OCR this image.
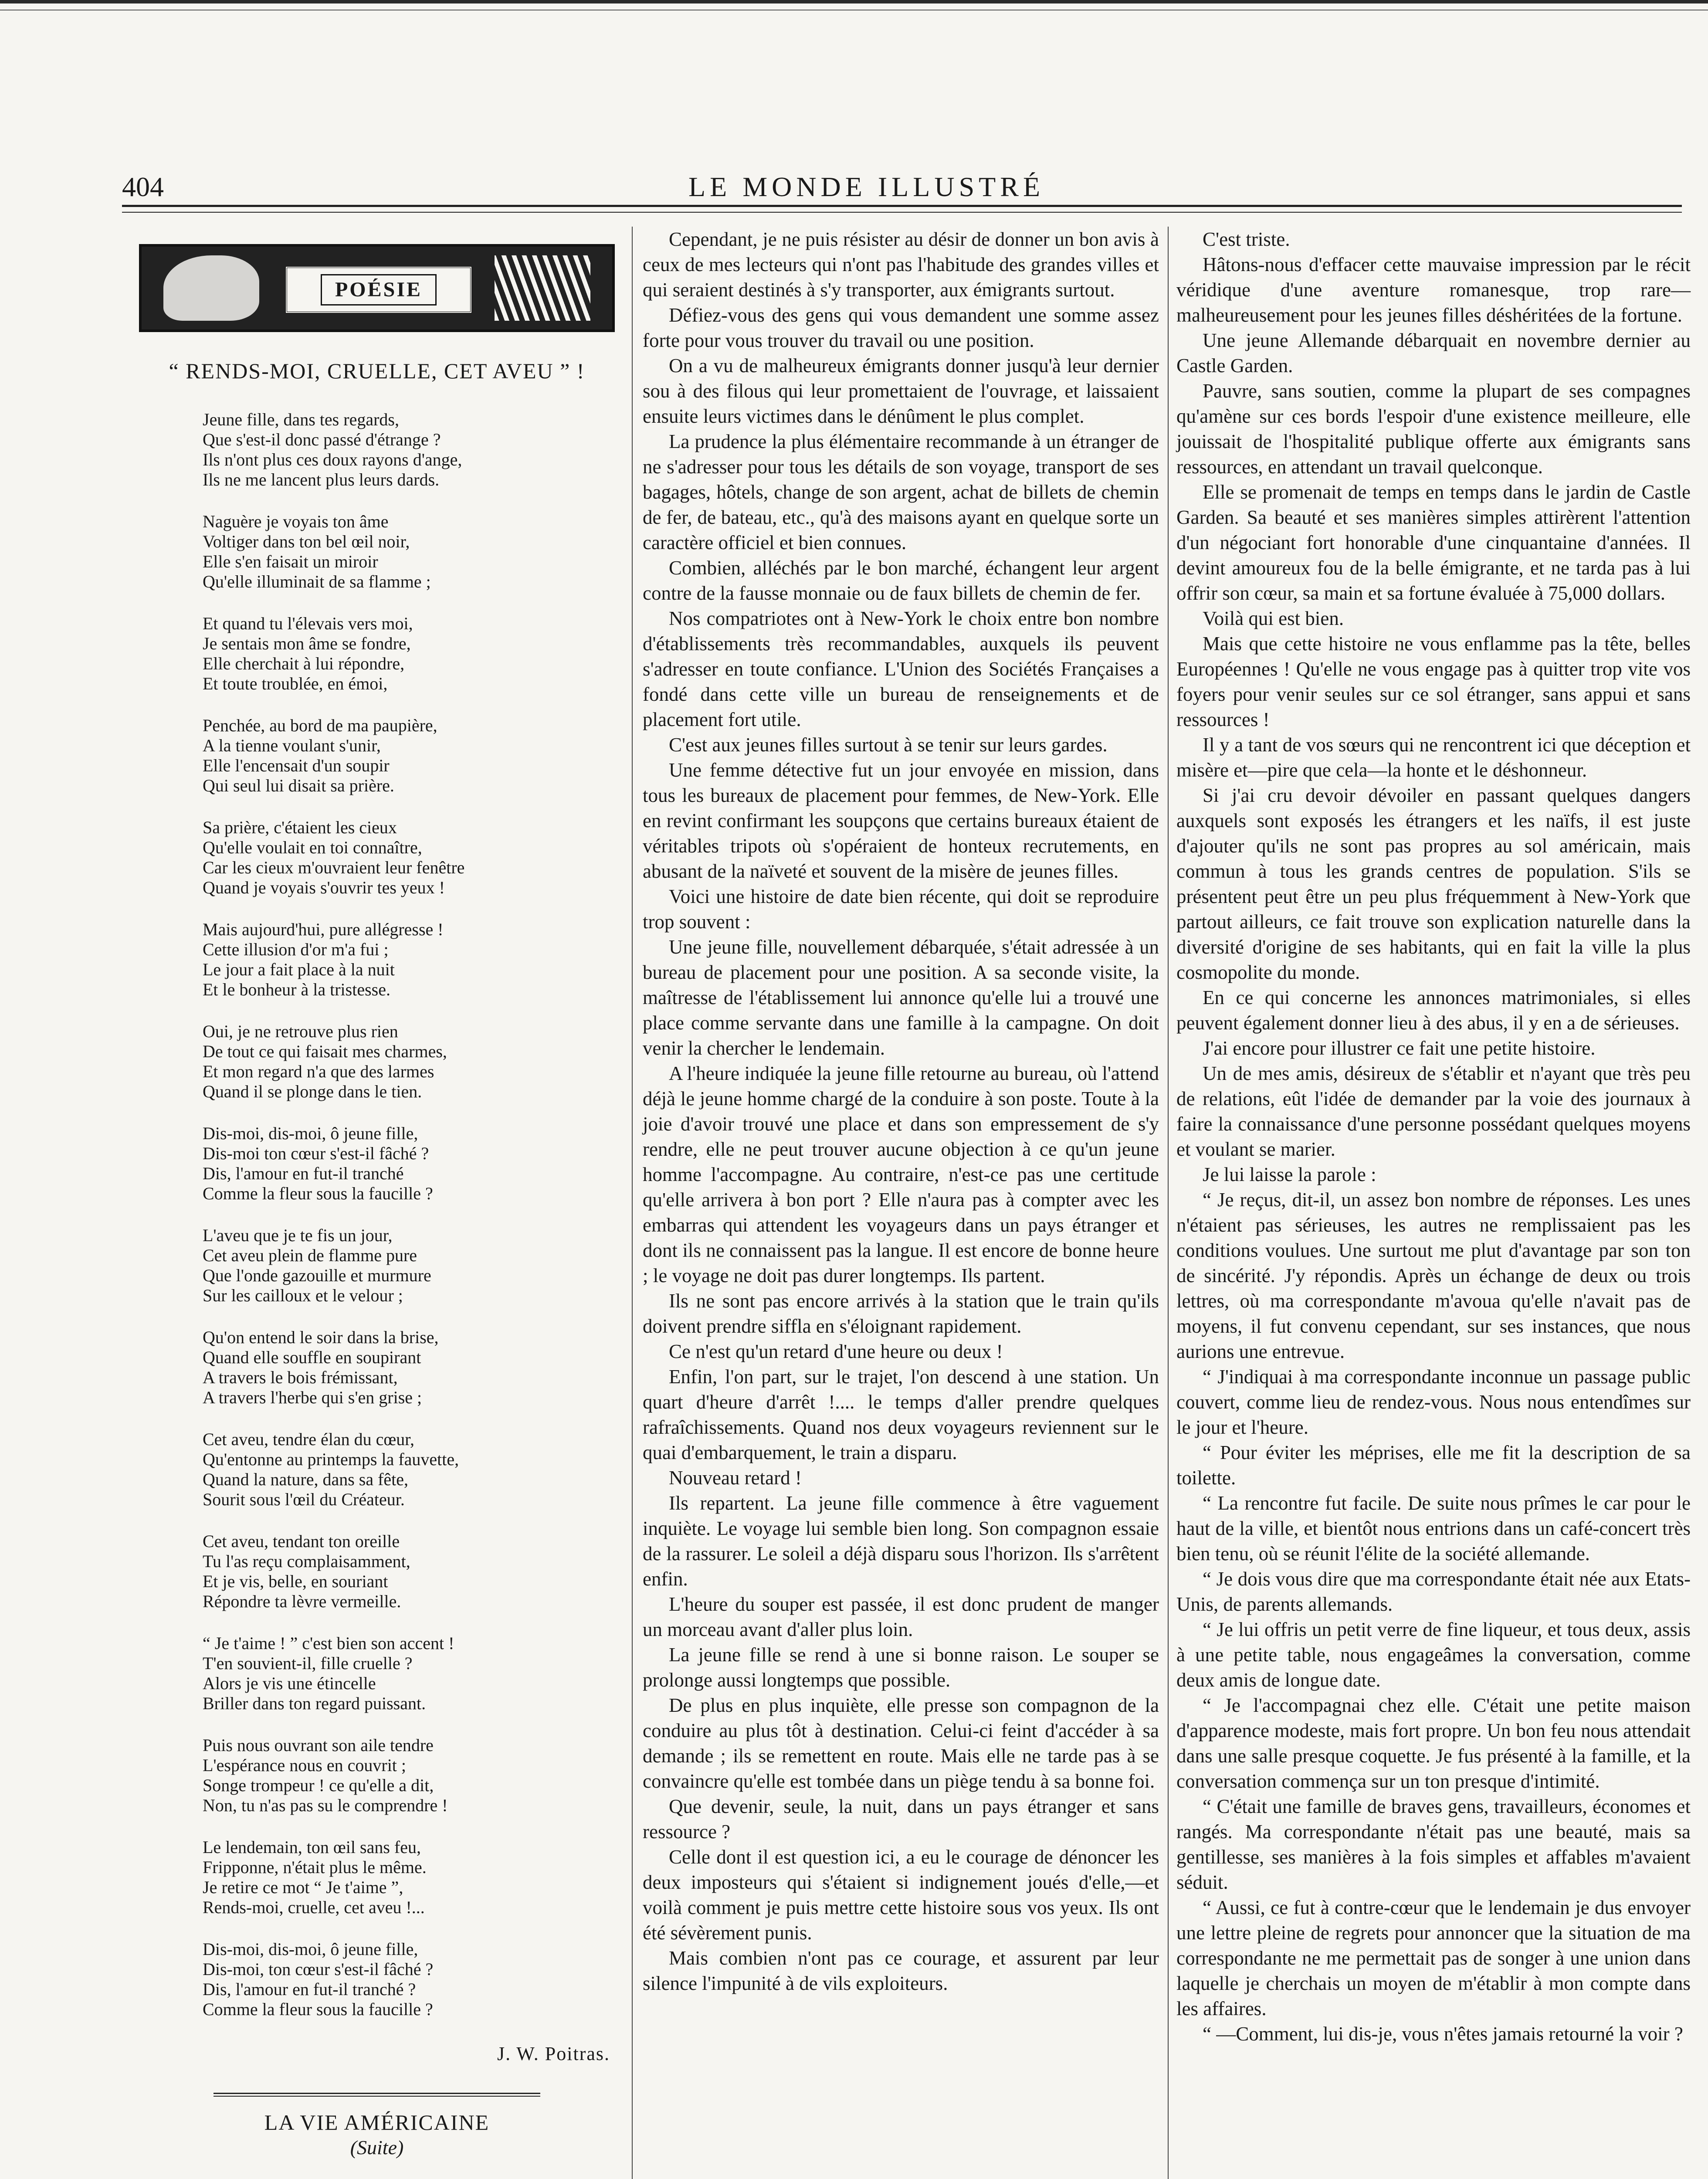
404	LE MONDE ILLUSTRÉ
POÉSIE
“ RENDS-MOI, CRUELLE, CET AVEU ” !
Jeune fille, dans tes regards,
Que s'est-il donc passé d'étrange ?
Ils n'ont plus ces doux rayons d'ange,
Ils ne me lancent plus leurs dards.
Naguère je voyais ton âme
Voltiger dans ton bel œil noir,
Elle s'en faisait un miroir
Qu'elle illuminait de sa flamme ;
Et quand tu l'élevais vers moi,
Je sentais mon âme se fondre,
Elle cherchait à lui répondre,
Et toute troublée, en émoi,
Penchée, au bord de ma paupière,
A la tienne voulant s'unir,
Elle l'encensait d'un soupir
Qui seul lui disait sa prière.
Sa prière, c'étaient les cieux
Qu'elle voulait en toi connaître,
Car les cieux m'ouvraient leur fenêtre
Quand je voyais s'ouvrir tes yeux !
Mais aujourd'hui, pure allégresse !
Cette illusion d'or m'a fui ;
Le jour a fait place à la nuit
Et le bonheur à la tristesse.
Oui, je ne retrouve plus rien
De tout ce qui faisait mes charmes,
Et mon regard n'a que des larmes
Quand il se plonge dans le tien.
Dis-moi, dis-moi, ô jeune fille,
Dis-moi ton cœur s'est-il fâché ?
Dis, l'amour en fut-il tranché
Comme la fleur sous la faucille ?
L'aveu que je te fis un jour,
Cet aveu plein de flamme pure
Que l'onde gazouille et murmure
Sur les cailloux et le velour ;
Qu'on entend le soir dans la brise,
Quand elle souffle en soupirant
A travers le bois frémissant,
A travers l'herbe qui s'en grise ;
Cet aveu, tendre élan du cœur,
Qu'entonne au printemps la fauvette,
Quand la nature, dans sa fête,
Sourit sous l'œil du Créateur.
Cet aveu, tendant ton oreille
Tu l'as reçu complaisamment,
Et je vis, belle, en souriant
Répondre ta lèvre vermeille.
“ Je t'aime ! ” c'est bien son accent !
T'en souvient-il, fille cruelle ?
Alors je vis une étincelle
Briller dans ton regard puissant.
Puis nous ouvrant son aile tendre
L'espérance nous en couvrit ;
Songe trompeur ! ce qu'elle a dit,
Non, tu n'as pas su le comprendre !
Le lendemain, ton œil sans feu,
Fripponne, n'était plus le même.
Je retire ce mot “ Je t'aime ”,
Rends-moi, cruelle, cet aveu !...
Dis-moi, dis-moi, ô jeune fille,
Dis-moi, ton cœur s'est-il fâché ?
Dis, l'amour en fut-il tranché ?
Comme la fleur sous la faucille ?
J. W. Poitras.
LA VIE AMÉRICAINE
(Suite)

Cependant, je ne puis résister au désir de donner un bon avis à ceux de mes lecteurs qui n'ont pas l'habitude des grandes villes et qui seraient destinés à s'y transporter, aux émigrants surtout.

Défiez-vous des gens qui vous demandent une somme assez forte pour vous trouver du travail ou une position.

On a vu de malheureux émigrants donner jusqu'à leur dernier sou à des filous qui leur promettaient de l'ouvrage, et laissaient ensuite leurs victimes dans le dénûment le plus complet.

La prudence la plus élémentaire recommande à un étranger de ne s'adresser pour tous les détails de son voyage, transport de ses bagages, hôtels, change de son argent, achat de billets de chemin de fer, de bateau, etc., qu'à des maisons ayant en quelque sorte un caractère officiel et bien connues.

Combien, alléchés par le bon marché, échangent leur argent contre de la fausse monnaie ou de faux billets de chemin de fer.

Nos compatriotes ont à New-York le choix entre bon nombre d'établissements très recommandables, auxquels ils peuvent s'adresser en toute confiance. L'Union des Sociétés Françaises a fondé dans cette ville un bureau de renseignements et de placement fort utile.

C'est aux jeunes filles surtout à se tenir sur leurs gardes.

Une femme détective fut un jour envoyée en mission, dans tous les bureaux de placement pour femmes, de New-York. Elle en revint confirmant les soupçons que certains bureaux étaient de véritables tripots où s'opéraient de honteux recrutements, en abusant de la naïveté et souvent de la misère de jeunes filles.

Voici une histoire de date bien récente, qui doit se reproduire trop souvent :

Une jeune fille, nouvellement débarquée, s'était adressée à un bureau de placement pour une position. A sa seconde visite, la maîtresse de l'établissement lui annonce qu'elle lui a trouvé une place comme servante dans une famille à la campagne. On doit venir la chercher le lendemain.

A l'heure indiquée la jeune fille retourne au bureau, où l'attend déjà le jeune homme chargé de la conduire à son poste. Toute à la joie d'avoir trouvé une place et dans son empressement de s'y rendre, elle ne peut trouver aucune objection à ce qu'un jeune homme l'accompagne. Au contraire, n'est-ce pas une certitude qu'elle arrivera à bon port ? Elle n'aura pas à compter avec les embarras qui attendent les voyageurs dans un pays étranger et dont ils ne connaissent pas la langue. Il est encore de bonne heure ; le voyage ne doit pas durer longtemps. Ils partent.

Ils ne sont pas encore arrivés à la station que le train qu'ils doivent prendre siffla en s'éloignant rapidement.

Ce n'est qu'un retard d'une heure ou deux !

Enfin, l'on part, sur le trajet, l'on descend à une station. Un quart d'heure d'arrêt !.... le temps d'aller prendre quelques rafraîchissements. Quand nos deux voyageurs reviennent sur le quai d'embarquement, le train a disparu.

Nouveau retard !

Ils repartent. La jeune fille commence à être vaguement inquiète. Le voyage lui semble bien long. Son compagnon essaie de la rassurer. Le soleil a déjà disparu sous l'horizon. Ils s'arrêtent enfin.

L'heure du souper est passée, il est donc prudent de manger un morceau avant d'aller plus loin.

La jeune fille se rend à une si bonne raison. Le souper se prolonge aussi longtemps que possible.

De plus en plus inquiète, elle presse son compagnon de la conduire au plus tôt à destination. Celui-ci feint d'accéder à sa demande ; ils se remettent en route. Mais elle ne tarde pas à se convaincre qu'elle est tombée dans un piège tendu à sa bonne foi.

Que devenir, seule, la nuit, dans un pays étranger et sans ressource ?

Celle dont il est question ici, a eu le courage de dénoncer les deux imposteurs qui s'étaient si indignement joués d'elle,—et voilà comment je puis mettre cette histoire sous vos yeux. Ils ont été sévèrement punis.

Mais combien n'ont pas ce courage, et assurent par leur silence l'impunité à de vils exploiteurs.

C'est triste.

Hâtons-nous d'effacer cette mauvaise impression par le récit véridique d'une aventure romanesque, trop rare—malheureusement pour les jeunes filles déshéritées de la fortune.

Une jeune Allemande débarquait en novembre dernier au Castle Garden.

Pauvre, sans soutien, comme la plupart de ses compagnes qu'amène sur ces bords l'espoir d'une existence meilleure, elle jouissait de l'hospitalité publique offerte aux émigrants sans ressources, en attendant un travail quelconque.

Elle se promenait de temps en temps dans le jardin de Castle Garden. Sa beauté et ses manières simples attirèrent l'attention d'un négociant fort honorable d'une cinquantaine d'années. Il devint amoureux fou de la belle émigrante, et ne tarda pas à lui offrir son cœur, sa main et sa fortune évaluée à 75,000 dollars.

Voilà qui est bien.

Mais que cette histoire ne vous enflamme pas la tête, belles Européennes ! Qu'elle ne vous engage pas à quitter trop vite vos foyers pour venir seules sur ce sol étranger, sans appui et sans ressources !

Il y a tant de vos sœurs qui ne rencontrent ici que déception et misère et—pire que cela—la honte et le déshonneur.

Si j'ai cru devoir dévoiler en passant quelques dangers auxquels sont exposés les étrangers et les naïfs, il est juste d'ajouter qu'ils ne sont pas propres au sol américain, mais commun à tous les grands centres de population. S'ils se présentent peut être un peu plus fréquemment à New-York que partout ailleurs, ce fait trouve son explication naturelle dans la diversité d'origine de ses habitants, qui en fait la ville la plus cosmopolite du monde.

En ce qui concerne les annonces matrimoniales, si elles peuvent également donner lieu à des abus, il y en a de sérieuses.

J'ai encore pour illustrer ce fait une petite histoire.

Un de mes amis, désireux de s'établir et n'ayant que très peu de relations, eût l'idée de demander par la voie des journaux à faire la connaissance d'une personne possédant quelques moyens et voulant se marier.

Je lui laisse la parole :

“ Je reçus, dit-il, un assez bon nombre de réponses. Les unes n'étaient pas sérieuses, les autres ne remplissaient pas les conditions voulues. Une surtout me plut d'avantage par son ton de sincérité. J'y répondis. Après un échange de deux ou trois lettres, où ma correspondante m'avoua qu'elle n'avait pas de moyens, il fut convenu cependant, sur ses instances, que nous aurions une entrevue.

“ J'indiquai à ma correspondante inconnue un passage public couvert, comme lieu de rendez-vous. Nous nous entendîmes sur le jour et l'heure.

“ Pour éviter les méprises, elle me fit la description de sa toilette.

“ La rencontre fut facile. De suite nous prîmes le car pour le haut de la ville, et bientôt nous entrions dans un café-concert très bien tenu, où se réunit l'élite de la société allemande.

“ Je dois vous dire que ma correspondante était née aux Etats-Unis, de parents allemands.

“ Je lui offris un petit verre de fine liqueur, et tous deux, assis à une petite table, nous engageâmes la conversation, comme deux amis de longue date.

“ Je l'accompagnai chez elle. C'était une petite maison d'apparence modeste, mais fort propre. Un bon feu nous attendait dans une salle presque coquette. Je fus présenté à la famille, et la conversation commença sur un ton presque d'intimité.

“ C'était une famille de braves gens, travailleurs, économes et rangés. Ma correspondante n'était pas une beauté, mais sa gentillesse, ses manières à la fois simples et affables m'avaient séduit.

“ Aussi, ce fut à contre-cœur que le lendemain je dus envoyer une lettre pleine de regrets pour annoncer que la situation de ma correspondante ne me permettait pas de songer à une union dans laquelle je cherchais un moyen de m'établir à mon compte dans les affaires.

“ —Comment, lui dis-je, vous n'êtes jamais retourné la voir ?
